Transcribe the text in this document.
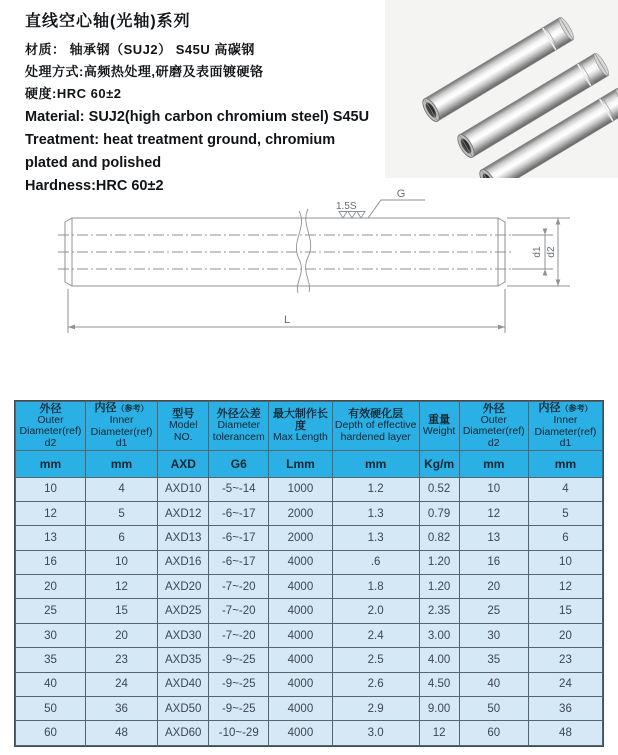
直线空心轴(光轴)系列
材质： 轴承钢（SUJ2） S45U 高碳钢
处理方式:高频热处理,研磨及表面镀硬铬
硬度:HRC 60±2
Material: SUJ2(high carbon chromium steel) S45U
Treatment: heat treatment ground, chromium
plated and polished
Hardness:HRC 60±2
1.5S
G
d1 d2
L
外径
Outer
Diameter(ref)
d2

内径（参考）
Inner
Diameter(ref)
d1

型号
Model NO.

外径公差
Diameter
tolerancem

最大制作长度
Max Length

有效硬化层
Depth of effective
hardened layer

重量
Weight

外径
Outer
Diameter(ref)
d2

内径（参考）
Inner
Diameter(ref)
d1

mm	mm	AXD	G6	Lmm	mm	Kg/m	mm	mm
10	4	AXD10	-5~-14	1000	1.2	0.52	10	4
12	5	AXD12	-6~-17	2000	1.3	0.79	12	5
13	6	AXD13	-6~-17	2000	1.3	0.82	13	6
16	10	AXD16	-6~-17	4000	.6	1.20	16	10
20	12	AXD20	-7~-20	4000	1.8	1.20	20	12
25	15	AXD25	-7~-20	4000	2.0	2.35	25	15
30	20	AXD30	-7~-20	4000	2.4	3.00	30	20
35	23	AXD35	-9~-25	4000	2.5	4.00	35	23
40	24	AXD40	-9~-25	4000	2.6	4.50	40	24
50	36	AXD50	-9~-25	4000	2.9	9.00	50	36
60	48	AXD60	-10~-29	4000	3.0	12	60	48
